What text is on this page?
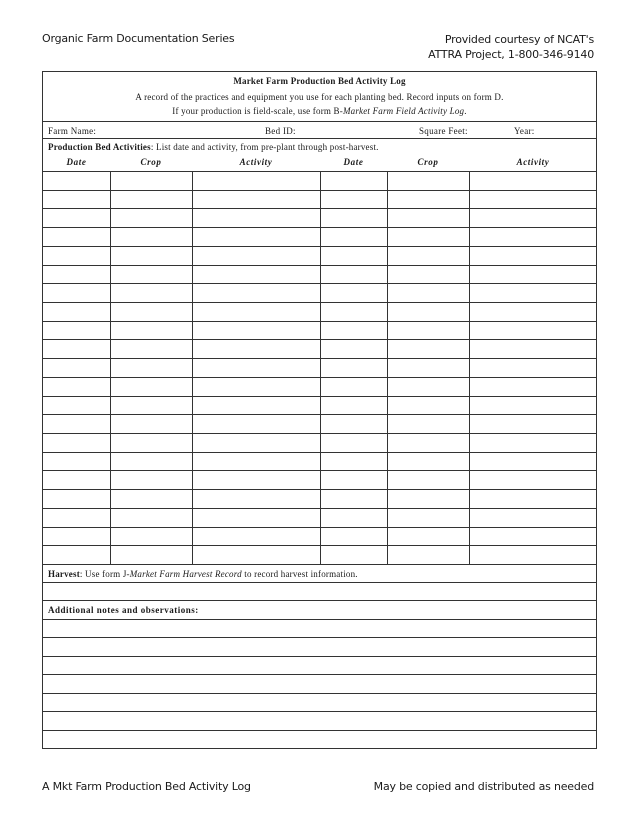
Organic Farm Documentation Series	Provided courtesy of NCAT's
ATTRA Project, 1-800-346-9140
Market Farm Production Bed Activity Log
A record of the practices and equipment you use for each planting bed. Record inputs on form D.
If your production is field-scale, use form B-Market Farm Field Activity Log.
Farm Name:	Bed ID:	Square Feet:	Year:
Production Bed Activities: List date and activity, from pre-plant through post-harvest.
Date	Crop	Activity	Date	Crop	Activity
Harvest: Use form J-Market Farm Harvest Record to record harvest information.
Additional notes and observations:
A Mkt Farm Production Bed Activity Log	May be copied and distributed as needed
